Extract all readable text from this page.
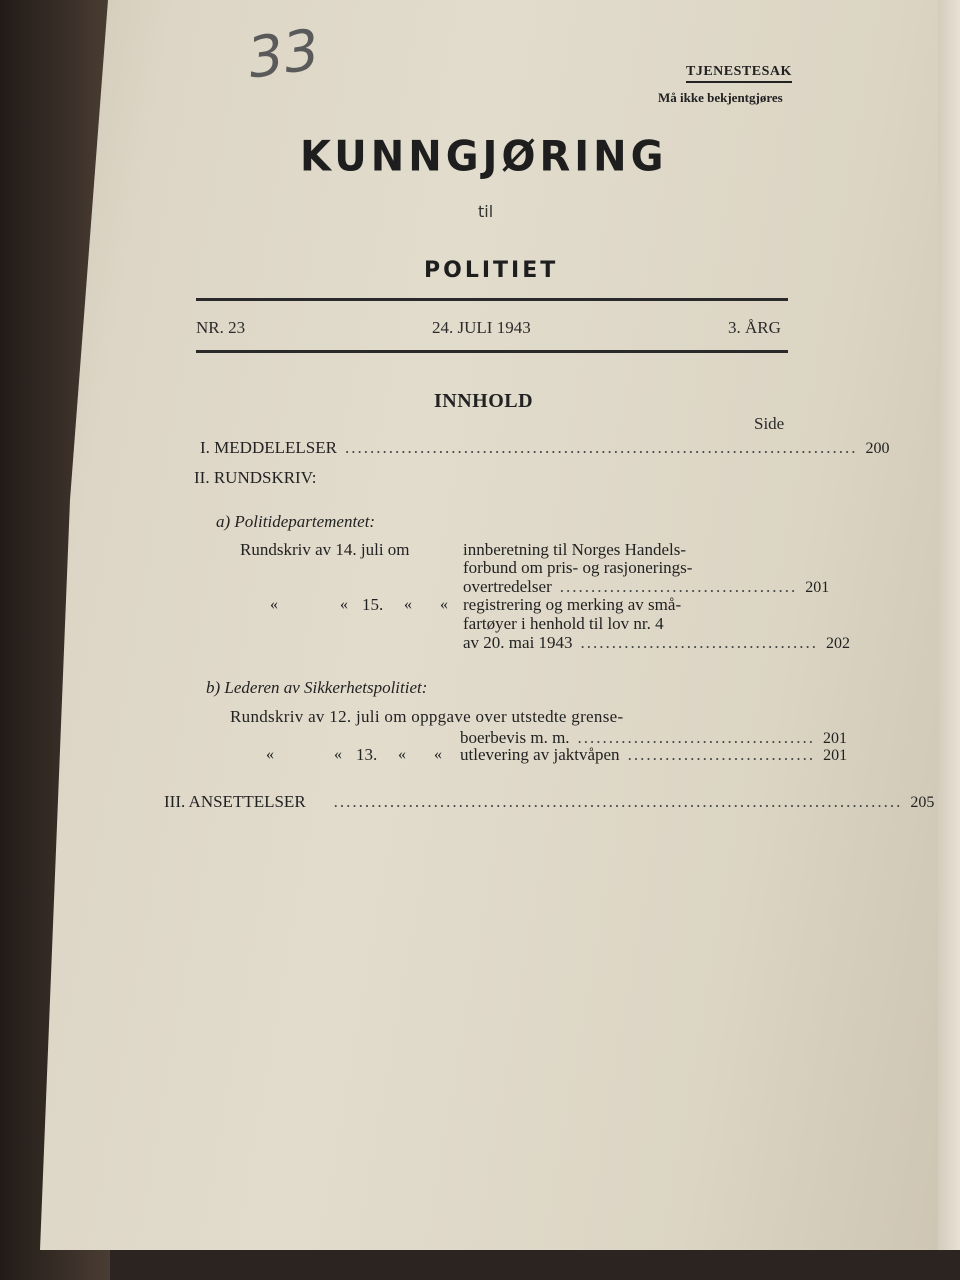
33	TJENESTESAK
Må ikke bekjentgjøres
KUNNGJØRING
til
POLITIET
NR. 23	24. JULI 1943	3. ÅRG
INNHOLD
Side
I. MEDDELELSER .................................................................................. 200
II. RUNDSKRIV:
a) Politidepartementet:
Rundskriv av 14. juli om	innberetning til Norges Handels-
forbund om pris- og rasjonerings-
overtredelser ...................................... 201
«	« 15. « « registrering og merking av små-
fartøyer i henhold til lov nr. 4
av 20. mai 1943 ...................................... 202
b) Lederen av Sikkerhetspolitiet:
Rundskriv av 12. juli om oppgave over utstedte grense-
boerbevis m. m. ...................................... 201
«	« 13. « « utlevering av jaktvåpen .............................. 201
III. ANSETTELSER ........................................................................................... 205
